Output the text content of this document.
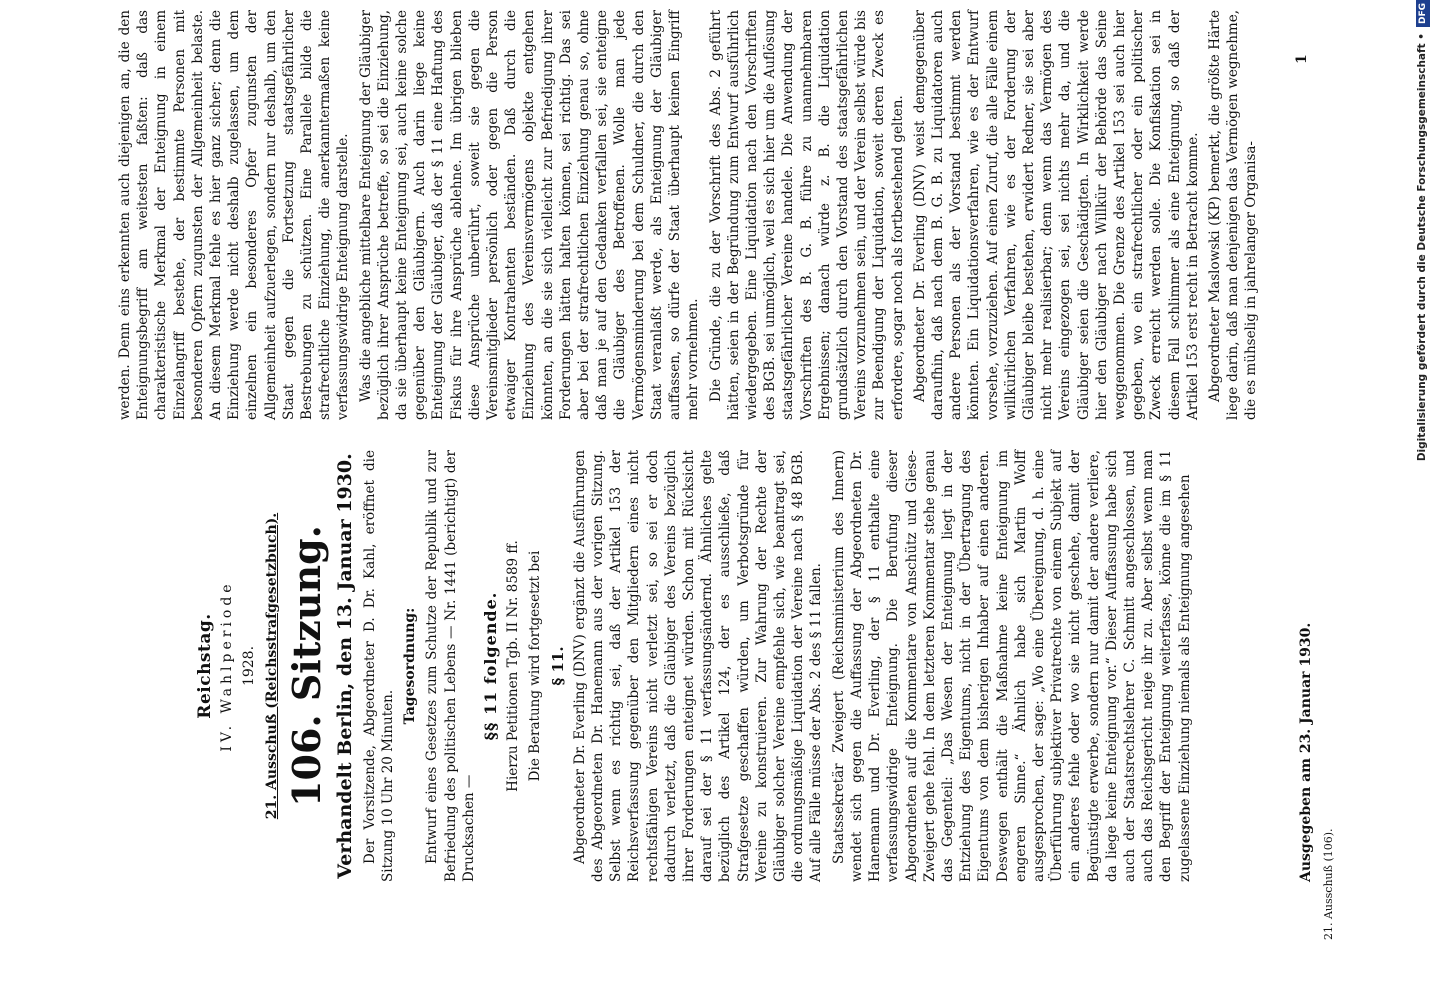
Reichstag. IV. Wahlperiode 1928. 21. Ausschuß (Reichsstrafgesetzbuch). 106. Sitzung. Verhandelt Berlin, den 13. Januar 1930. Der Vorsitzende, Abgeordneter D. Dr. Kahl, eröffnet die Sitzung 10 Uhr 20 Minuten.

Tagesordnung: Entwurf eines Gesetzes zum Schutze der Republik und zur Befriedung des politischen Lebens — Nr. 1441 (berichtigt) der Drucksachen —

§§ 11 folgende. Hierzu Petitionen Tgb. II Nr. 8589 ff. Die Beratung wird fortgesetzt bei § 11. Abgeordneter Dr. Everling (DNV) ergänzt die Ausführungen des Abgeordneten Dr. Hanemann aus der vorigen Sitzung. Selbst wenn es richtig sei, daß der Artikel 153 der Reichsverfassung gegenüber den Mitgliedern eines nicht rechtsfähigen Vereins nicht verletzt sei, so sei er doch dadurch verletzt, daß die Gläubiger des Vereins bezüglich ihrer Forderungen enteignet würden. Schon mit Rücksicht darauf sei der § 11 verfassungsändernd. Ähnliches gelte bezüglich des Artikel 124, der es ausschließe, daß Strafgesetze geschaffen würden, um Verbotsgründe für Vereine zu konstruieren. Zur Wahrung der Rechte der Gläubiger solcher Vereine empfehle sich, wie beantragt sei, die ordnungsmäßige Liquidation der Vereine nach § 48 BGB. Auf alle Fälle müsse der Abs. 2 des § 11 fallen. Staatssekretär Zweigert (Reichsministerium des Innern) wendet sich gegen die Auffassung der Abgeordneten Dr. Hanemann und Dr. Everling, der § 11 enthalte eine verfassungswidrige Enteignung. Die Berufung dieser Abgeordneten auf die Kommentare von Anschütz und Giese-Zweigert gehe fehl. In dem letzteren Kommentar stehe genau das Gegenteil: „Das Wesen der Enteignung liegt in der Entziehung des Eigentums, nicht in der Übertragung des Eigentums von dem bisherigen Inhaber auf einen anderen. Deswegen enthält die Maßnahme keine Enteignung im engeren Sinne.“ Ähnlich habe sich Martin Wolff ausgesprochen, der sage: „Wo eine Übereignung, d. h. eine Überführung subjektiver Privatrechte von einem Subjekt auf ein anderes fehle oder wo sie nicht geschehe, damit der Begünstigte erwerbe, sondern nur damit der andere verliere, da liege keine Enteignung vor.“ Dieser Auffassung habe sich auch der Staatsrechtslehrer C. Schmitt angeschlossen, und auch das Reichsgericht neige ihr zu. Aber selbst wenn man den Begriff der Enteignung weiterfasse, könne die im § 11 zugelassene Einziehung niemals als Enteignung angesehen

werden. Denn eins erkennten auch diejenigen an, die den Enteignungsbegriff am weitesten faßten: daß das charakteristische Merkmal der Enteignung in einem Einzelangriff bestehe, der bestimmte Personen mit besonderen Opfern zugunsten der Allgemeinheit belaste. An diesem Merkmal fehle es hier ganz sicher; denn die Einziehung werde nicht deshalb zugelassen, um dem einzelnen ein besonderes Opfer zugunsten der Allgemeinheit aufzuerlegen, sondern nur deshalb, um den Staat gegen die Fortsetzung staatsgefährlicher Bestrebungen zu schützen. Eine Parallele bilde die strafrechtliche Einziehung, die anerkanntermaßen keine verfassungswidrige Enteignung darstelle. Was die angebliche mittelbare Enteignung der Gläubiger bezüglich ihrer Ansprüche betreffe, so sei die Einziehung, da sie überhaupt keine Enteignung sei, auch keine solche gegenüber den Gläubigern. Auch darin liege keine Enteignung der Gläubiger, daß der § 11 eine Haftung des Fiskus für ihre Ansprüche ablehne. Im übrigen blieben diese Ansprüche unberührt, soweit sie gegen die Vereinsmitglieder persönlich oder gegen die Person etwaiger Kontrahenten beständen. Daß durch die Einziehung des Vereinsvermögens objekte entgehen könnten, an die sie sich vielleicht zur Befriedigung ihrer Forderungen hätten halten können, sei richtig. Das sei aber bei der strafrechtlichen Einziehung genau so, ohne daß man je auf den Gedanken verfallen sei, sie enteigne die Gläubiger des Betroffenen. Wolle man jede Vermögensminderung bei dem Schuldner, die durch den Staat veranlaßt werde, als Enteignung der Gläubiger auffassen, so dürfe der Staat überhaupt keinen Eingriff mehr vornehmen. Die Gründe, die zu der Vorschrift des Abs. 2 geführt hätten, seien in der Begründung zum Entwurf ausführlich wiedergegeben. Eine Liquidation nach den Vorschriften des BGB. sei unmöglich, weil es sich hier um die Auflösung staatsgefährlicher Vereine handele. Die Anwendung der Vorschriften des B. G. B. führe zu unannehmbaren Ergebnissen; danach würde z. B. die Liquidation grundsätzlich durch den Vorstand des staatsgefährlichen Vereins vorzunehmen sein, und der Verein selbst würde bis zur Beendigung der Liquidation, soweit deren Zweck es erfordere, sogar noch als fortbestehend gelten. Abgeordneter Dr. Everling (DNV) weist demgegenüber daraufhin, daß nach dem B. G. B. zu Liquidatoren auch andere Personen als der Vorstand bestimmt werden könnten. Ein Liquidationsverfahren, wie es der Entwurf vorsehe, vorzuziehen. Auf einen Zuruf, die alle Fälle einem willkürlichen Verfahren, wie es der Forderung der Gläubiger bleibe bestehen, erwidert Redner, sie sei aber nicht mehr realisierbar; denn wenn das Vermögen des Vereins eingezogen sei, sei nichts mehr da, und die Gläubiger seien die Geschädigten. In Wirklichkeit werde hier den Gläubiger nach Willkür der Behörde das Seine weggenommen. Die Grenze des Artikel 153 sei auch hier gegeben, wo ein strafrechtlicher oder ein politischer Zweck erreicht werden solle. Die Konfiskation sei in diesem Fall schlimmer als eine Enteignung, so daß der Artikel 153 erst recht in Betracht komme. Abgeordneter Maslowski (KP) bemerkt, die größte Härte liege darin, daß man denjenigen das Vermögen wegnehme, die es mühselig in jahrelanger Organisa-

21. Ausschuß (106).
Ausgegeben am 23. Januar 1930.
1	Digitalisierung gefördert durch die Deutsche Forschungsgemeinschaft •DFG
